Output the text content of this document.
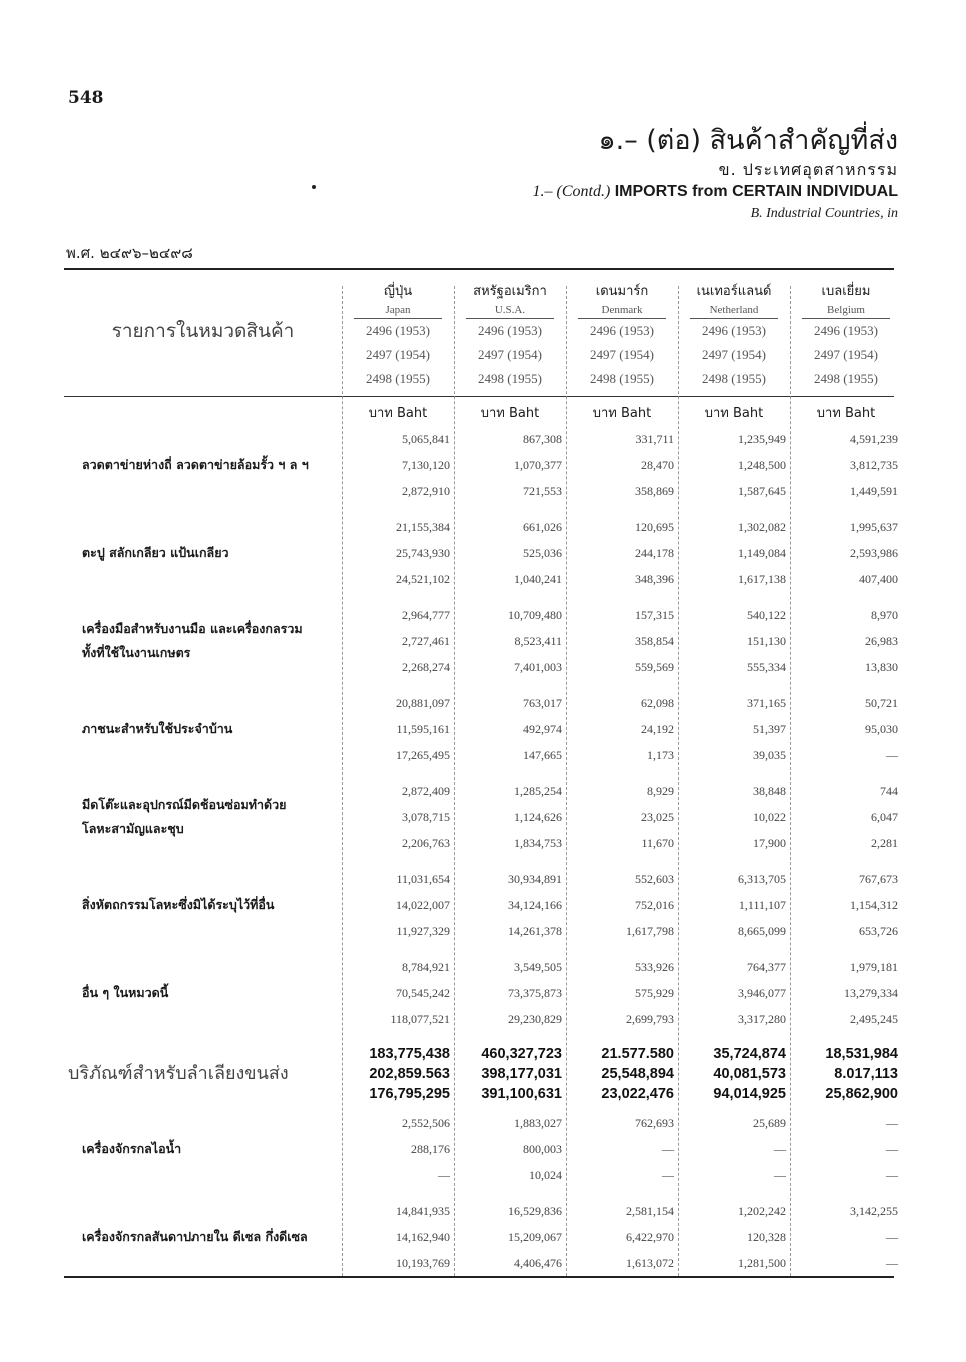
548
๑.– (ต่อ) สินค้าสำคัญที่ส่ง
ข. ประเทศอุตสาหกรรม
1.– (Contd.) IMPORTS from CERTAIN INDIVIDUAL
B. Industrial Countries, in
พ.ศ. ๒๔๙๖–๒๔๙๘
รายการในหมวดสินค้า
ญี่ปุ่น
Japan
2496 (1953)
2497 (1954)
2498 (1955)
บาท Baht
สหรัฐอเมริกา
U.S.A.
2496 (1953)
2497 (1954)
2498 (1955)
บาท Baht
เดนมาร์ก
Denmark
2496 (1953)
2497 (1954)
2498 (1955)
บาท Baht
เนเทอร์แลนด์
Netherland
2496 (1953)
2497 (1954)
2498 (1955)
บาท Baht
เบลเยี่ยม
Belgium
2496 (1953)
2497 (1954)
2498 (1955)
บาท Baht
ลวดตาข่ายห่างถี่ ลวดตาข่ายล้อมรั้ว ฯ ล ฯ
5,065,841
7,130,120
2,872,910
867,308
1,070,377
721,553
331,711
28,470
358,869
1,235,949
1,248,500
1,587,645
4,591,239
3,812,735
1,449,591
ตะปู สลักเกลียว แป้นเกลียว
21,155,384
25,743,930
24,521,102
661,026
525,036
1,040,241
120,695
244,178
348,396
1,302,082
1,149,084
1,617,138
1,995,637
2,593,986
407,400
เครื่องมือสำหรับงานมือ และเครื่องกลรวม
ทั้งที่ใช้ในงานเกษตร
2,964,777
2,727,461
2,268,274
10,709,480
8,523,411
7,401,003
157,315
358,854
559,569
540,122
151,130
555,334
8,970
26,983
13,830
ภาชนะสำหรับใช้ประจำบ้าน
20,881,097
11,595,161
17,265,495
763,017
492,974
147,665
62,098
24,192
1,173
371,165
51,397
39,035
50,721
95,030
—
มีดโต๊ะและอุปกรณ์มีดช้อนซ่อมทำด้วย
โลหะสามัญและชุบ
2,872,409
3,078,715
2,206,763
1,285,254
1,124,626
1,834,753
8,929
23,025
11,670
38,848
10,022
17,900
744
6,047
2,281
สิ่งหัตถกรรมโลหะซึ่งมิได้ระบุไว้ที่อื่น
11,031,654
14,022,007
11,927,329
30,934,891
34,124,166
14,261,378
552,603
752,016
1,617,798
6,313,705
1,111,107
8,665,099
767,673
1,154,312
653,726
อื่น ๆ ในหมวดนี้
8,784,921
70,545,242
118,077,521
3,549,505
73,375,873
29,230,829
533,926
575,929
2,699,793
764,377
3,946,077
3,317,280
1,979,181
13,279,334
2,495,245
บริภัณฑ์สำหรับลำเลียงขนส่ง
183,775,438
202,859.563
176,795,295
460,327,723
398,177,031
391,100,631
21.577.580
25,548,894
23,022,476
35,724,874
40,081,573
94,014,925
18,531,984
8.017,113
25,862,900
เครื่องจักรกลไอน้ำ
2,552,506
288,176
—
1,883,027
800,003
10,024
762,693
—
—
25,689
—
—
—
—
—
เครื่องจักรกลสันดาปภายใน ดีเซล กึ่งดีเซล
14,841,935
14,162,940
10,193,769
16,529,836
15,209,067
4,406,476
2,581,154
6,422,970
1,613,072
1,202,242
120,328
1,281,500
3,142,255
—
—
